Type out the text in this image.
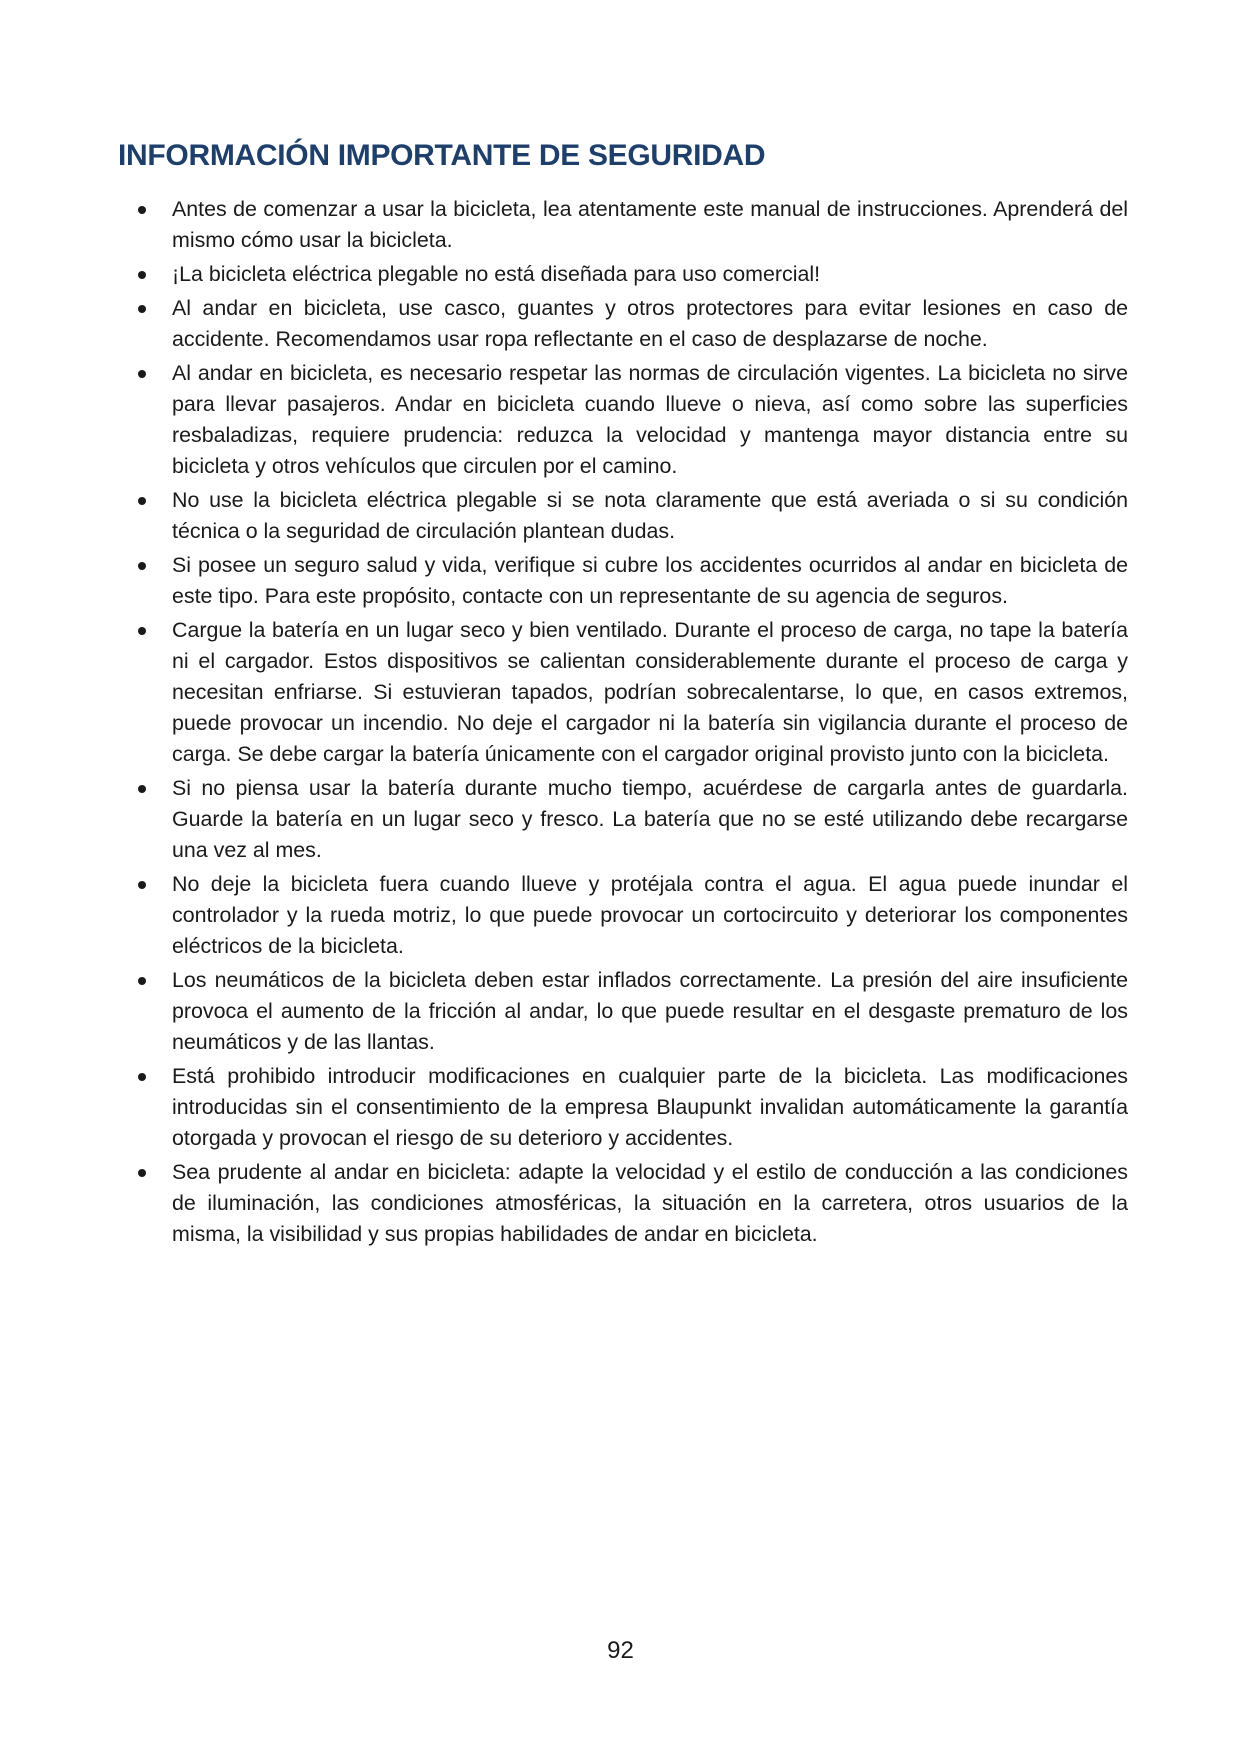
INFORMACIÓN IMPORTANTE DE SEGURIDAD
Antes de comenzar a usar la bicicleta, lea atentamente este manual de instrucciones. Aprenderá del mismo cómo usar la bicicleta.
¡La bicicleta eléctrica plegable no está diseñada para uso comercial!
Al andar en bicicleta, use casco, guantes y otros protectores para evitar lesiones en caso de accidente. Recomendamos usar ropa reflectante en el caso de desplazarse de noche.
Al andar en bicicleta, es necesario respetar las normas de circulación vigentes. La bicicleta no sirve para llevar pasajeros. Andar en bicicleta cuando llueve o nieva, así como sobre las superficies resbaladizas, requiere prudencia: reduzca la velocidad y mantenga mayor distancia entre su bicicleta y otros vehículos que circulen por el camino.
No use la bicicleta eléctrica plegable si se nota claramente que está averiada o si su condición técnica o la seguridad de circulación plantean dudas.
Si posee un seguro salud y vida, verifique si cubre los accidentes ocurridos al andar en bicicleta de este tipo. Para este propósito, contacte con un representante de su agencia de seguros.
Cargue la batería en un lugar seco y bien ventilado. Durante el proceso de carga, no tape la batería ni el cargador. Estos dispositivos se calientan considerablemente durante el proceso de carga y necesitan enfriarse. Si estuvieran tapados, podrían sobrecalentarse, lo que, en casos extremos, puede provocar un incendio. No deje el cargador ni la batería sin vigilancia durante el proceso de carga. Se debe cargar la batería únicamente con el cargador original provisto junto con la bicicleta.
Si no piensa usar la batería durante mucho tiempo, acuérdese de cargarla antes de guardarla. Guarde la batería en un lugar seco y fresco. La batería que no se esté utilizando debe recargarse una vez al mes.
No deje la bicicleta fuera cuando llueve y protéjala contra el agua. El agua puede inundar el controlador y la rueda motriz, lo que puede provocar un cortocircuito y deteriorar los componentes eléctricos de la bicicleta.
Los neumáticos de la bicicleta deben estar inflados correctamente. La presión del aire insuficiente provoca el aumento de la fricción al andar, lo que puede resultar en el desgaste prematuro de los neumáticos y de las llantas.
Está prohibido introducir modificaciones en cualquier parte de la bicicleta. Las modificaciones introducidas sin el consentimiento de la empresa Blaupunkt invalidan automáticamente la garantía otorgada y provocan el riesgo de su deterioro y accidentes.
Sea prudente al andar en bicicleta: adapte la velocidad y el estilo de conducción a las condiciones de iluminación, las condiciones atmosféricas, la situación en la carretera, otros usuarios de la misma, la visibilidad y sus propias habilidades de andar en bicicleta.
92
